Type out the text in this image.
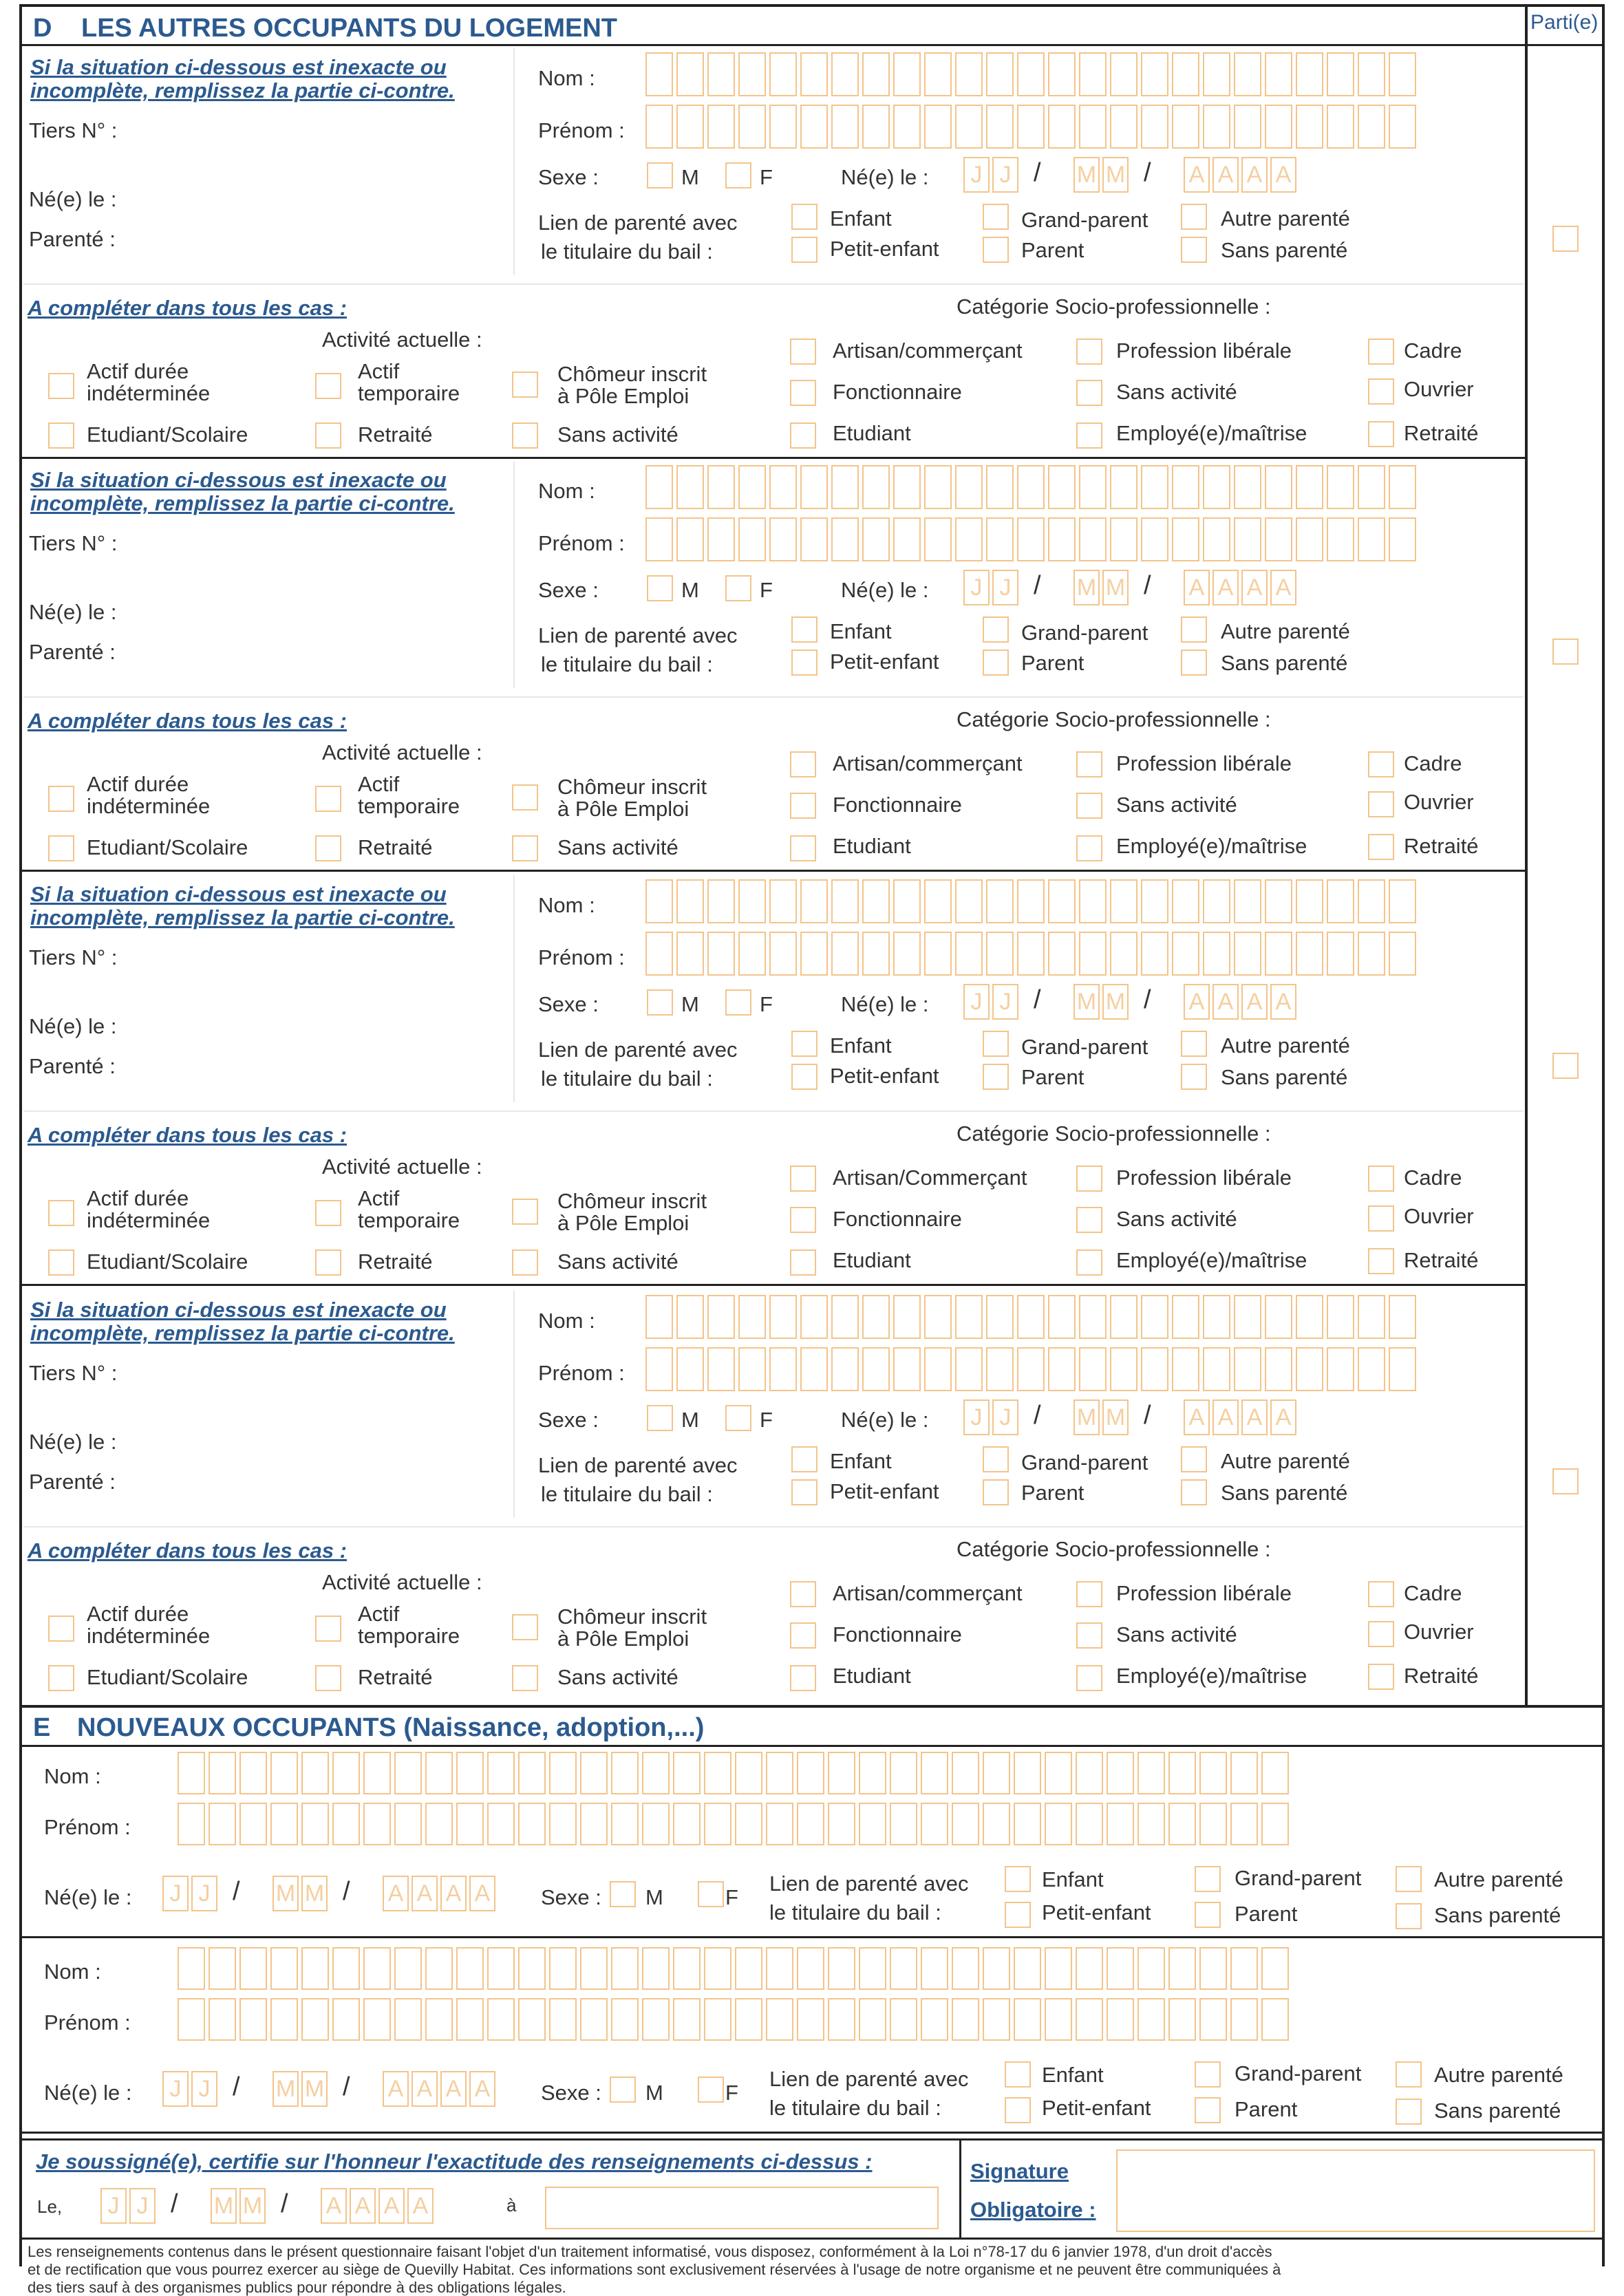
D LES AUTRES OCCUPANTS DU LOGEMENT	Parti(e)
Si la situation ci-dessous est inexacte ou
incomplète, remplissez la partie ci-contre.
Tiers N° :
Né(e) le :
Parenté :
Nom :
Prénom :
Sexe :	M	F	Né(e) le :	J J / M M / A A A A
Lien de parenté avec
le titulaire du bail :
Enfant
Petit-enfant
Grand-parent
Parent
Autre parenté
Sans parenté
A compléter dans tous les cas :	Catégorie Socio-professionnelle :
Activité actuelle :
Actif durée
indéterminée
Actif
temporaire
Chômeur inscrit
à Pôle Emploi
Etudiant/Scolaire	Retraité	Sans activité
Artisan/commerçant
Fonctionnaire
Etudiant
Profession libérale
Sans activité
Employé(e)/maîtrise
Cadre
Ouvrier
Retraité
Si la situation ci-dessous est inexacte ou
incomplète, remplissez la partie ci-contre.
Tiers N° :
Né(e) le :
Parenté :
Nom :
Prénom :
Sexe :	M	F	Né(e) le :	J J / M M / A A A A
Lien de parenté avec
le titulaire du bail :
Enfant
Petit-enfant
Grand-parent
Parent
Autre parenté
Sans parenté
A compléter dans tous les cas :	Catégorie Socio-professionnelle :
Activité actuelle :
Actif durée
indéterminée
Actif
temporaire
Chômeur inscrit
à Pôle Emploi
Etudiant/Scolaire	Retraité	Sans activité
Artisan/commerçant
Fonctionnaire
Etudiant
Profession libérale
Sans activité
Employé(e)/maîtrise
Cadre
Ouvrier
Retraité
Si la situation ci-dessous est inexacte ou
incomplète, remplissez la partie ci-contre.
Tiers N° :
Né(e) le :
Parenté :
Nom :
Prénom :
Sexe :	M	F	Né(e) le :	J J / M M / A A A A
Lien de parenté avec
le titulaire du bail :
Enfant
Petit-enfant
Grand-parent
Parent
Autre parenté
Sans parenté
A compléter dans tous les cas :	Catégorie Socio-professionnelle :
Activité actuelle :
Actif durée
indéterminée
Actif
temporaire
Chômeur inscrit
à Pôle Emploi
Etudiant/Scolaire	Retraité	Sans activité
Artisan/Commerçant
Fonctionnaire
Etudiant
Profession libérale
Sans activité
Employé(e)/maîtrise
Cadre
Ouvrier
Retraité
Si la situation ci-dessous est inexacte ou
incomplète, remplissez la partie ci-contre.
Tiers N° :
Né(e) le :
Parenté :
Nom :
Prénom :
Sexe :	M	F	Né(e) le :	J J / M M / A A A A
Lien de parenté avec
le titulaire du bail :
Enfant
Petit-enfant
Grand-parent
Parent
Autre parenté
Sans parenté
A compléter dans tous les cas :	Catégorie Socio-professionnelle :
Activité actuelle :
Actif durée
indéterminée
Actif
temporaire
Chômeur inscrit
à Pôle Emploi
Etudiant/Scolaire	Retraité	Sans activité
Artisan/commerçant
Fonctionnaire
Etudiant
Profession libérale
Sans activité
Employé(e)/maîtrise
Cadre
Ouvrier
Retraité
E NOUVEAUX OCCUPANTS (Naissance, adoption,...)
Nom :
Prénom :
Né(e) le :	J J / M M / A A A A Sexe : M	F
Lien de parenté avec
le titulaire du bail :
Enfant
Petit-enfant
Grand-parent
Parent
Autre parenté
Sans parenté
Nom :
Prénom :
Né(e) le :	J J / M M / A A A A Sexe : M	F
Lien de parenté avec
le titulaire du bail :
Enfant
Petit-enfant
Grand-parent
Parent
Autre parenté
Sans parenté
Je soussigné(e), certifie sur l'honneur l'exactitude des renseignements ci-dessus :
Le,	J J / M M / A A A A	à
Signature
Obligatoire :
Les renseignements contenus dans le présent questionnaire faisant l'objet d'un traitement informatisé, vous disposez, conformément à la Loi n°78-17 du 6 janvier 1978, d'un droit d'accès
et de rectification que vous pourrez exercer au siège de Quevilly Habitat. Ces informations sont exclusivement réservées à l'usage de notre organisme et ne peuvent être communiquées à
des tiers sauf à des organismes publics pour répondre à des obligations légales.
